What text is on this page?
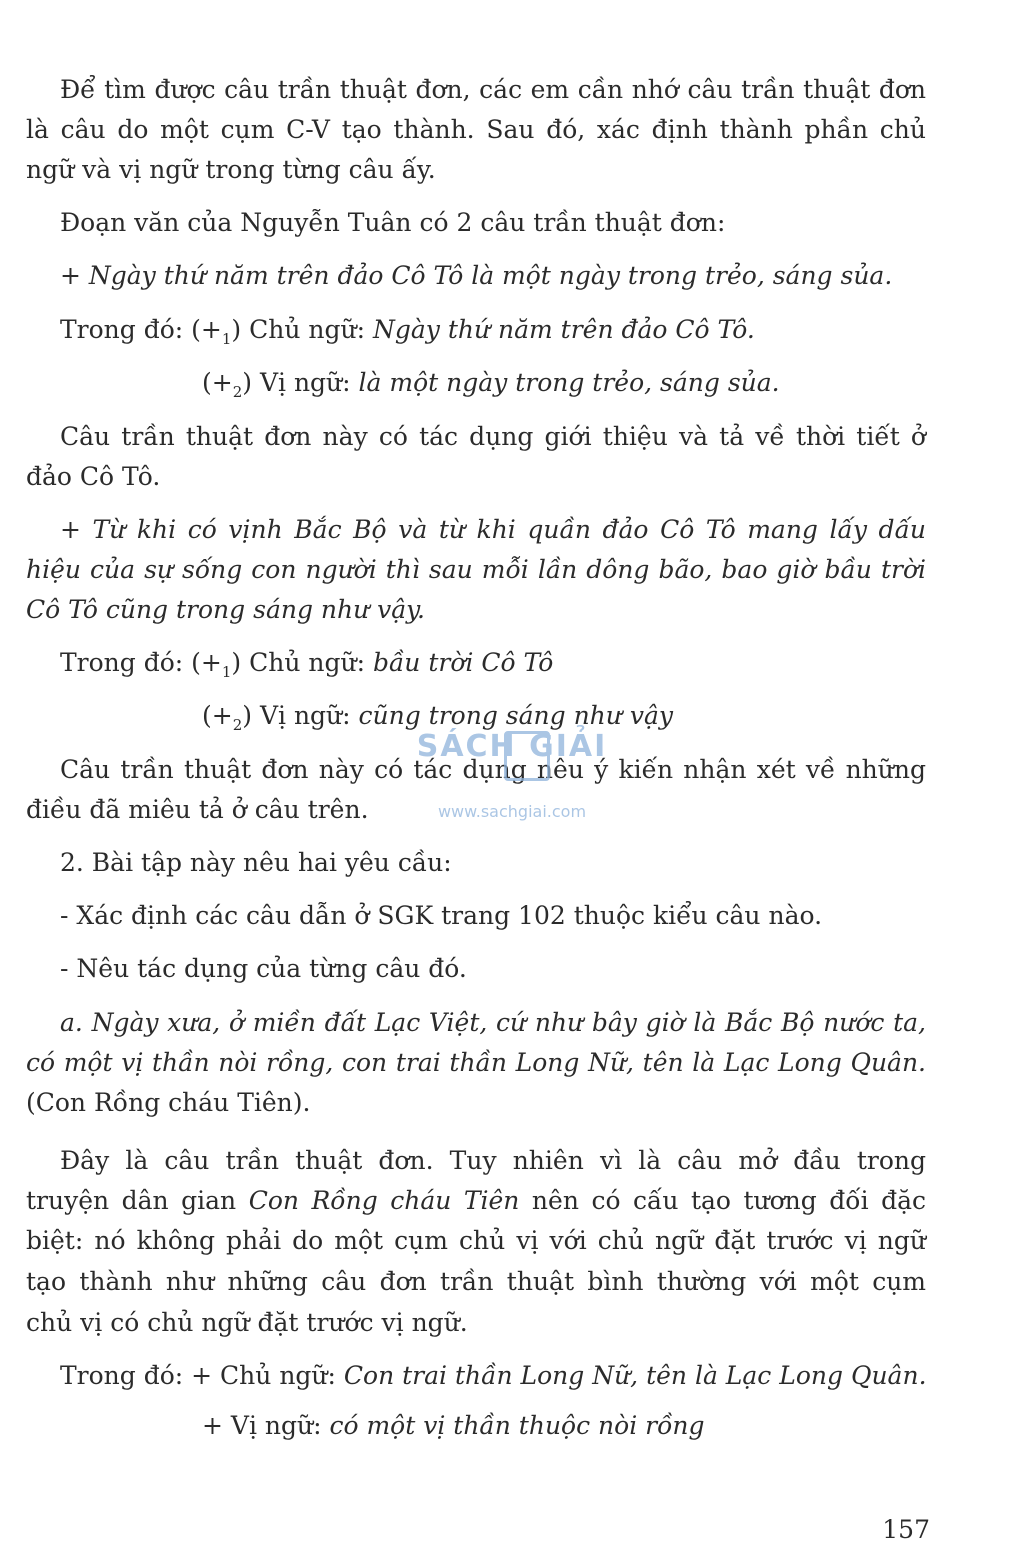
Để tìm được câu trần thuật đơn, các em cần nhớ câu trần thuật đơn
là câu do một cụm C-V tạo thành. Sau đó, xác định thành phần chủ
ngữ và vị ngữ trong từng câu ấy.
Đoạn văn của Nguyễn Tuân có 2 câu trần thuật đơn:
+ Ngày thứ năm trên đảo Cô Tô là một ngày trong trẻo, sáng sủa.
Trong đó: $(+_1)$ Chủ ngữ: Ngày thứ năm trên đảo Cô Tô.
$(+_2)$ Vị ngữ: là một ngày trong trẻo, sáng sủa.
Câu trần thuật đơn này có tác dụng giới thiệu và tả về thời tiết ở
đảo Cô Tô.
+ Từ khi có vịnh Bắc Bộ và từ khi quần đảo Cô Tô mang lấy dấu
hiệu của sự sống con người thì sau mỗi lần dông bão, bao giờ bầu trời
Cô Tô cũng trong sáng như vậy.
Trong đó: $(+_1)$ Chủ ngữ: bầu trời Cô Tô
$(+_2)$ Vị ngữ: cũng trong sáng như vậy
Câu trần thuật đơn này có tác dụng nêu ý kiến nhận xét về những
điều đã miêu tả ở câu trên.
2. Bài tập này nêu hai yêu cầu:
- Xác định các câu dẫn ở SGK trang 102 thuộc kiểu câu nào.
- Nêu tác dụng của từng câu đó.
a. Ngày xưa, ở miền đất Lạc Việt, cứ như bây giờ là Bắc Bộ nước ta,
có một vị thần nòi rồng, con trai thần Long Nữ, tên là Lạc Long Quân.
(Con Rồng cháu Tiên).
Đây là câu trần thuật đơn. Tuy nhiên vì là câu mở đầu trong
truyện dân gian Con Rồng cháu Tiên nên có cấu tạo tương đối đặc
biệt: nó không phải do một cụm chủ vị với chủ ngữ đặt trước vị ngữ
tạo thành như những câu đơn trần thuật bình thường với một cụm
chủ vị có chủ ngữ đặt trước vị ngữ.
Trong đó: + Chủ ngữ: Con trai thần Long Nữ, tên là Lạc Long Quân.
+ Vị ngữ: có một vị thần thuộc nòi rồng
SÁCH GIẢI
www.sachgiai.com
157
